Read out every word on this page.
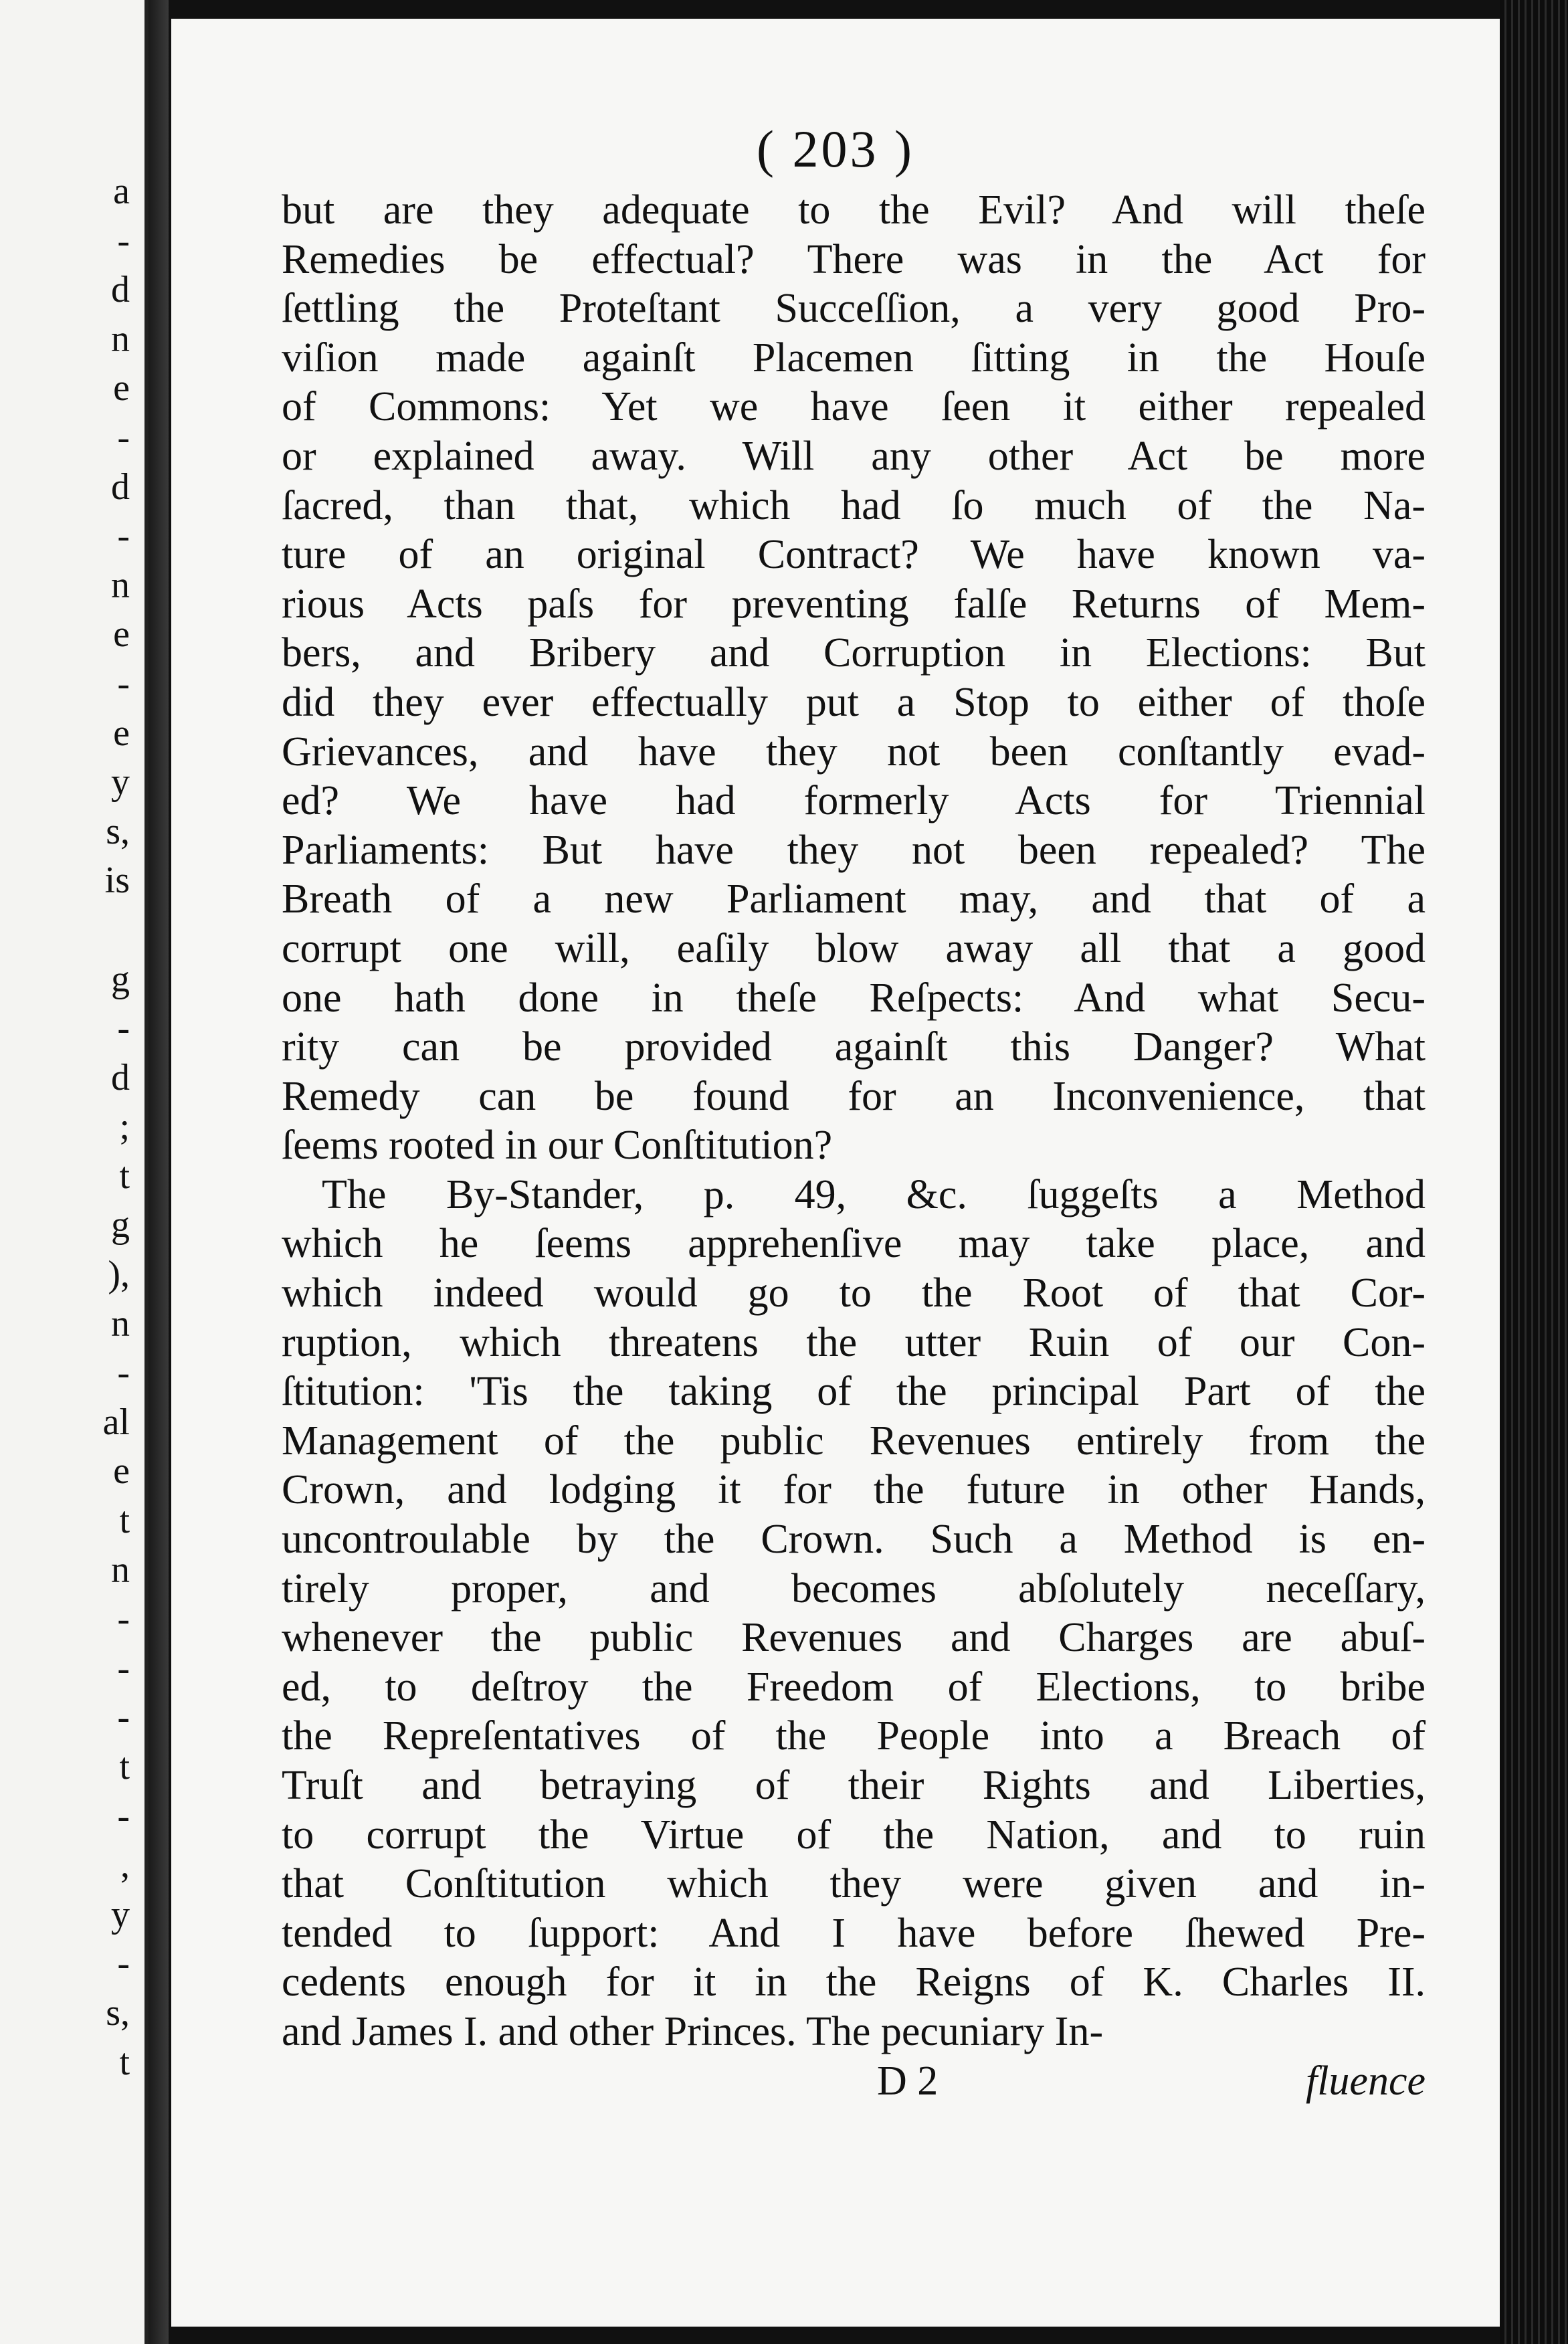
a
-
d
n
e
-
d
-
n
e
-
e
y
s,
is
g
-
d
;
t
g
),
n
-
al
e
t
n
-
-
-
t
-
,
y
-
s,
t
( 203 )
but are they adequate to the Evil? And will theſe
Remedies be effectual? There was in the Act for
ſettling the Proteſtant Succeſſion, a very good Pro-
viſion made againſt Placemen ſitting in the Houſe
of Commons: Yet we have ſeen it either repealed
or explained away. Will any other Act be more
ſacred, than that, which had ſo much of the Na-
ture of an original Contract? We have known va-
rious Acts paſs for preventing falſe Returns of Mem-
bers, and Bribery and Corruption in Elections: But
did they ever effectually put a Stop to either of thoſe
Grievances, and have they not been conſtantly evad-
ed? We have had formerly Acts for Triennial
Parliaments: But have they not been repealed? The
Breath of a new Parliament may, and that of a
corrupt one will, eaſily blow away all that a good
one hath done in theſe Reſpects: And what Secu-
rity can be provided againſt this Danger? What
Remedy can be found for an Inconvenience, that
ſeems rooted in our Conſtitution?
The By-Stander, p. 49, &c. ſuggeſts a Method
which he ſeems apprehenſive may take place, and
which indeed would go to the Root of that Cor-
ruption, which threatens the utter Ruin of our Con-
ſtitution: 'Tis the taking of the principal Part of the
Management of the public Revenues entirely from the
Crown, and lodging it for the future in other Hands,
uncontroulable by the Crown. Such a Method is en-
tirely proper, and becomes abſolutely neceſſary,
whenever the public Revenues and Charges are abuſ-
ed, to deſtroy the Freedom of Elections, to bribe
the Repreſentatives of the People into a Breach of
Truſt and betraying of their Rights and Liberties,
to corrupt the Virtue of the Nation, and to ruin
that Conſtitution which they were given and in-
tended to ſupport: And I have before ſhewed Pre-
cedents enough for it in the Reigns of K. Charles II.
and James I. and other Princes. The pecuniary In-
D 2	fluence
